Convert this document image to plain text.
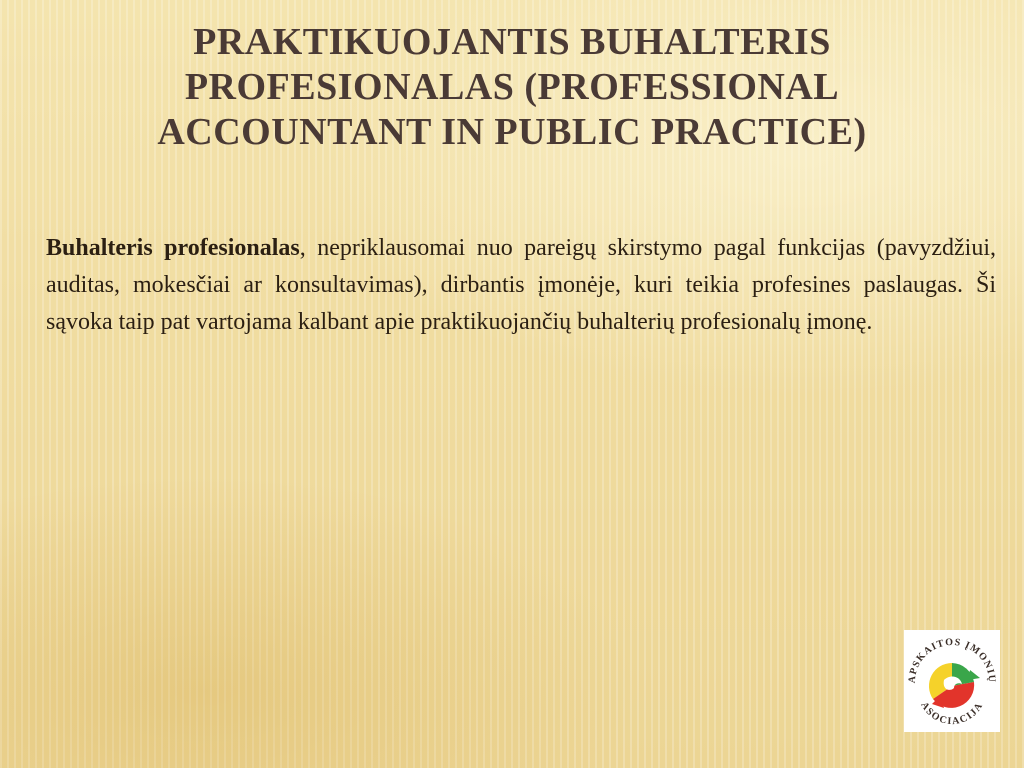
PRAKTIKUOJANTIS BUHALTERIS
PROFESIONALAS (PROFESSIONAL
ACCOUNTANT IN PUBLIC PRACTICE)

Buhalteris profesionalas, nepriklausomai nuo pareigų skirstymo pagal funkcijas (pavyzdžiui, auditas, mokesčiai ar konsultavimas), dirbantis įmonėje, kuri teikia profesines paslaugas. Ši sąvoka taip pat vartojama kalbant apie praktikuojančių buhalterių profesionalų įmonę.

APSKAITOS ĮMONIŲ
ASOCIACIJA
